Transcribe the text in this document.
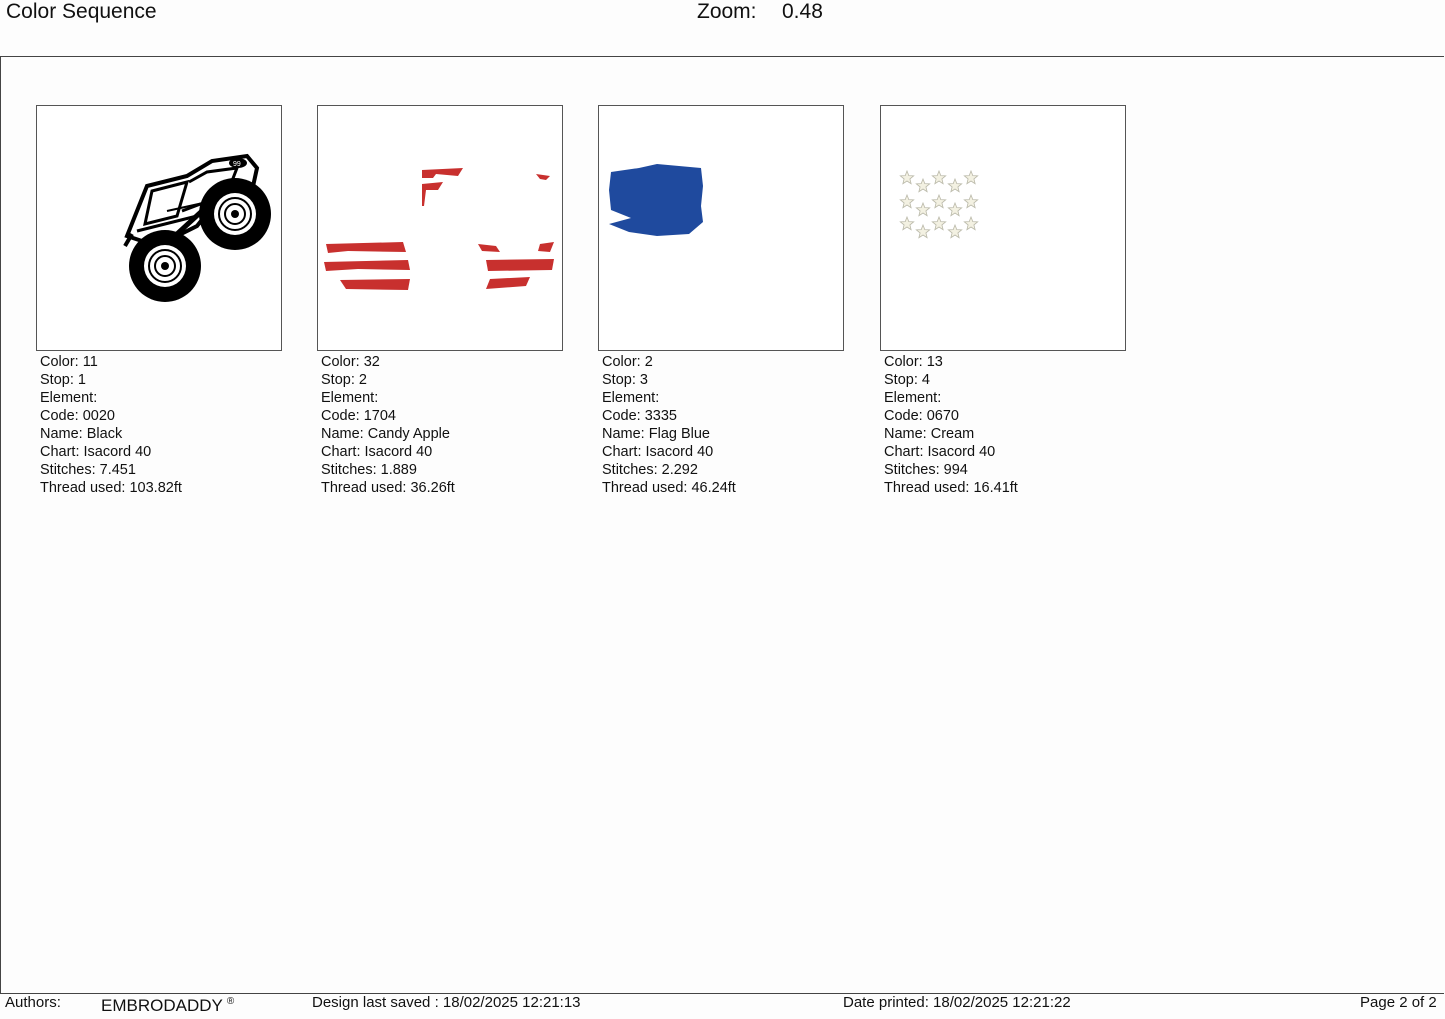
Color Sequence	Zoom: 0.48
99
Color: 11
Stop: 1
Element:
Code: 0020
Name: Black
Chart: Isacord 40
Stitches: 7.451
Thread used: 103.82ft
Color: 32
Stop: 2
Element:
Code: 1704
Name: Candy Apple
Chart: Isacord 40
Stitches: 1.889
Thread used: 36.26ft
Color: 2
Stop: 3
Element:
Code: 3335
Name: Flag Blue
Chart: Isacord 40
Stitches: 2.292
Thread used: 46.24ft
Color: 13
Stop: 4
Element:
Code: 0670
Name: Cream
Chart: Isacord 40
Stitches: 994
Thread used: 16.41ft
Authors: EMBRODADDY ®	Design last saved : 18/02/2025 12:21:13	Date printed: 18/02/2025 12:21:22	Page 2 of 2
